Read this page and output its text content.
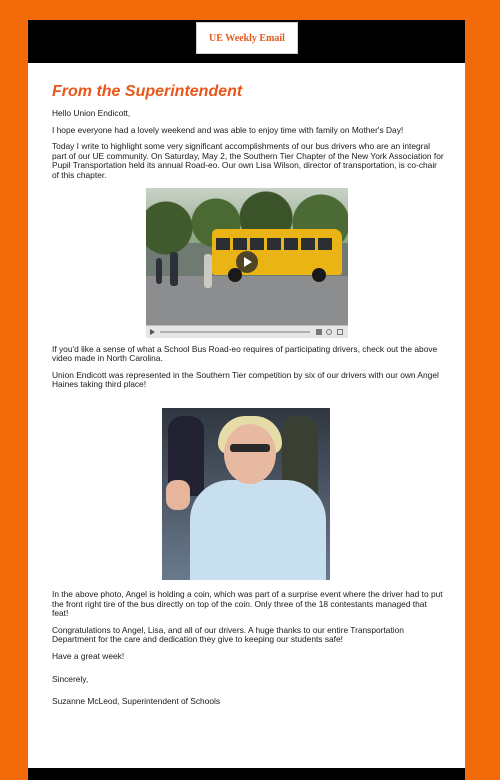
UE Weekly Email
From the Superintendent

Hello Union Endicott,

I hope everyone had a lovely weekend and was able to enjoy time with family on Mother's Day!

Today I write to highlight some very significant accomplishments of our bus drivers who are an integral part of our UE community. On Saturday, May 2, the Southern Tier Chapter of the New York Association for Pupil Transportation held its annual Road-eo. Our own Lisa Wilson, director of transportation, is co-chair of this chapter.

If you'd like a sense of what a School Bus Road-eo requires of participating drivers, check out the above video made in North Carolina.

Union Endicott was represented in the Southern Tier competition by six of our drivers with our own Angel Haines taking third place!

In the above photo, Angel is holding a coin, which was part of a surprise event where the driver had to put the front right tire of the bus directly on top of the coin. Only three of the 18 contestants managed that feat!

Congratulations to Angel, Lisa, and all of our drivers. A huge thanks to our entire Transportation Department for the care and dedication they give to keeping our students safe!

Have a great week!

Sincerely,

Suzanne McLeod, Superintendent of Schools
